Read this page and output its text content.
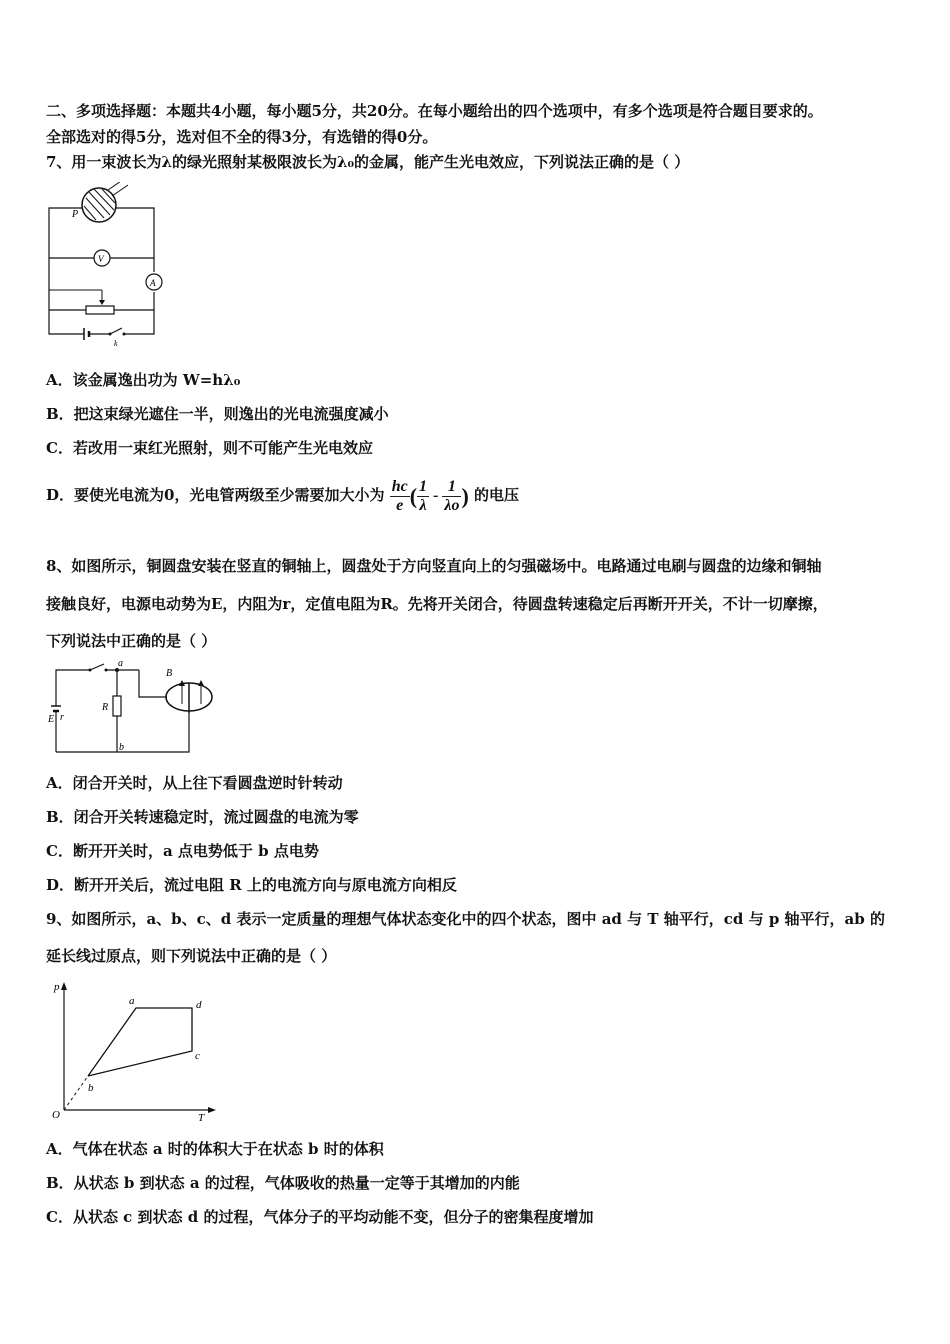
二、多项选择题：本题共4小题，每小题5分，共20分。在每小题给出的四个选项中，有多个选项是符合题目要求的。
全部选对的得5分，选对但不全的得3分，有选错的得0分。
7、用一束波长为λ的绿光照射某极限波长为λ₀的金属，能产生光电效应，下列说法正确的是（ ）
P
V
A
k
A．该金属逸出功为 W=hλ₀
B．把这束绿光遮住一半，则逸出的光电流强度减小
C．若改用一束红光照射，则不可能产生光电效应
D．要使光电流为0，光电管两级至少需要加大小为 $\frac{hc}{e}$ ( $\frac{1}{\lambda} - \frac{1}{\lambda o}$ ) 的电压
8、如图所示，铜圆盘安装在竖直的铜轴上，圆盘处于方向竖直向上的匀强磁场中。电路通过电刷与圆盘的边缘和铜轴
接触良好，电源电动势为E，内阻为r，定值电阻为R。先将开关闭合，待圆盘转速稳定后再断开开关，不计一切摩擦，
下列说法中正确的是（ ）
a
R
b
E r
B
A．闭合开关时，从上往下看圆盘逆时针转动
B．闭合开关转速稳定时，流过圆盘的电流为零
C．断开开关时，a 点电势低于 b 点电势
D．断开开关后，流过电阻 R 上的电流方向与原电流方向相反
9、如图所示，a、b、c、d 表示一定质量的理想气体状态变化中的四个状态，图中 ad 与 T 轴平行，cd 与 p 轴平行，ab 的
延长线过原点，则下列说法中正确的是（ ）
p
O	T
a
b
c
d
A．气体在状态 a 时的体积大于在状态 b 时的体积
B．从状态 b 到状态 a 的过程，气体吸收的热量一定等于其增加的内能
C．从状态 c 到状态 d 的过程，气体分子的平均动能不变，但分子的密集程度增加
